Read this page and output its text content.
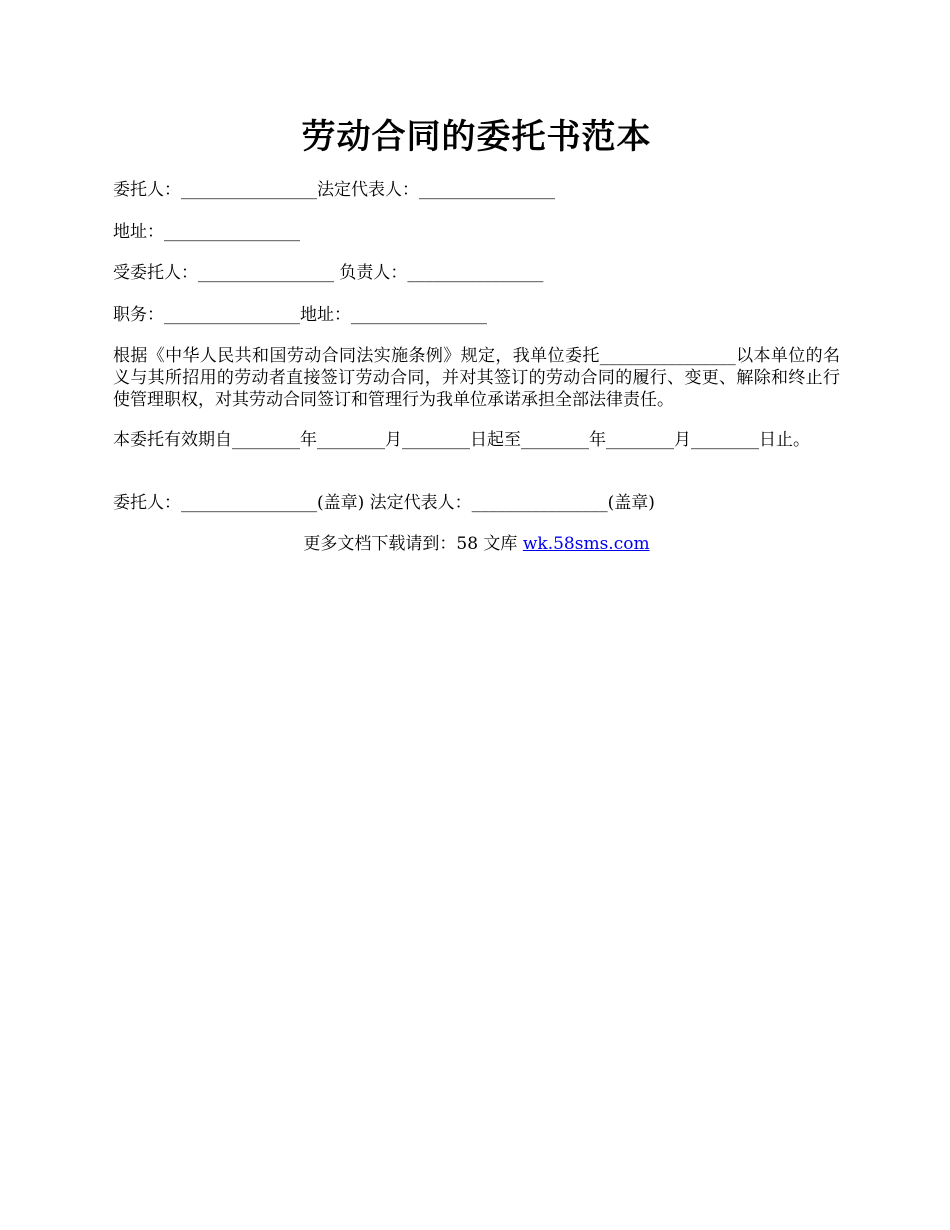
劳动合同的委托书范本

委托人：________________法定代表人：________________

地址：________________

受委托人：________________ 负责人：________________

职务：________________地址：________________

根据《中华人民共和国劳动合同法实施条例》规定，我单位委托________________以本单位的名义与其所招用的劳动者直接签订劳动合同，并对其签订的劳动合同的履行、变更、解除和终止行使管理职权，对其劳动合同签订和管理行为我单位承诺承担全部法律责任。

本委托有效期自________年________月________日起至________年________月________日止。

委托人：________________(盖章) 法定代表人：________________(盖章)

更多文档下载请到：58 文库 wk.58sms.com
